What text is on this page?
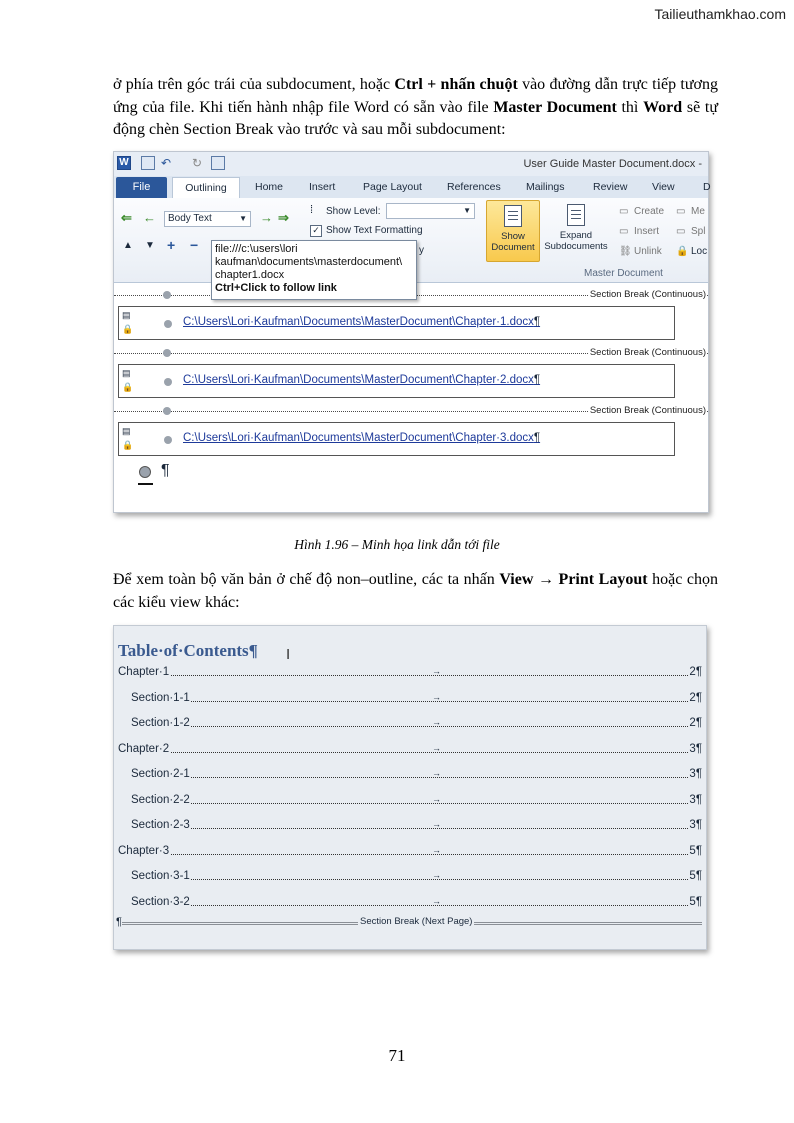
Tailieuthamkhao.com
ở phía trên góc trái của subdocument, hoặc Ctrl + nhấn chuột vào đường dẫn trực tiếp tương ứng của file. Khi tiến hành nhập file Word có sẵn vào file Master Document thì Word sẽ tự động chèn Section Break vào trước và sau mỗi subdocument:
W	↶	↻	User Guide Master Document.docx -
File	Outlining	Home Insert	Page Layout References Mailings	Review View	D
⇐ ←	Body Text	▼ → ⇒
▲ ▼ + −
⁞ Show Level:	▼
✓ Show Text Formatting
y
Show
Document
Expand
Subdocuments
▭ Create
▭ Insert
⛓ Unlink
▭ Me
▭ Spl
🔒 Loc
Master Document
file:///c:\users\lori
kaufman\documents\masterdocument\
chapter1.docx
Ctrl+Click to follow link
Section Break (Continuous)
▤
🔒
C:\Users\Lori·Kaufman\Documents\MasterDocument\Chapter·1.docx¶
Section Break (Continuous)
▤
🔒
C:\Users\Lori·Kaufman\Documents\MasterDocument\Chapter·2.docx¶
Section Break (Continuous)
▤
🔒
C:\Users\Lori·Kaufman\Documents\MasterDocument\Chapter·3.docx¶
¶
Hình 1.96 – Minh họa link dẫn tới file
Để xem toàn bộ văn bản ở chế độ non–outline, các ta nhấn View → Print Layout hoặc chọn các kiểu view khác:
Table·of·Contents¶ I
Chapter·1	→	2¶
Section·1-1	→	2¶
Section·1-2	→	2¶
Chapter·2	→	3¶
Section·2-1	→	3¶
Section·2-2	→	3¶
Section·2-3	→	3¶
Chapter·3	→	5¶
Section·3-1	→	5¶
Section·3-2	→	5¶
¶	Section Break (Next Page)
71
